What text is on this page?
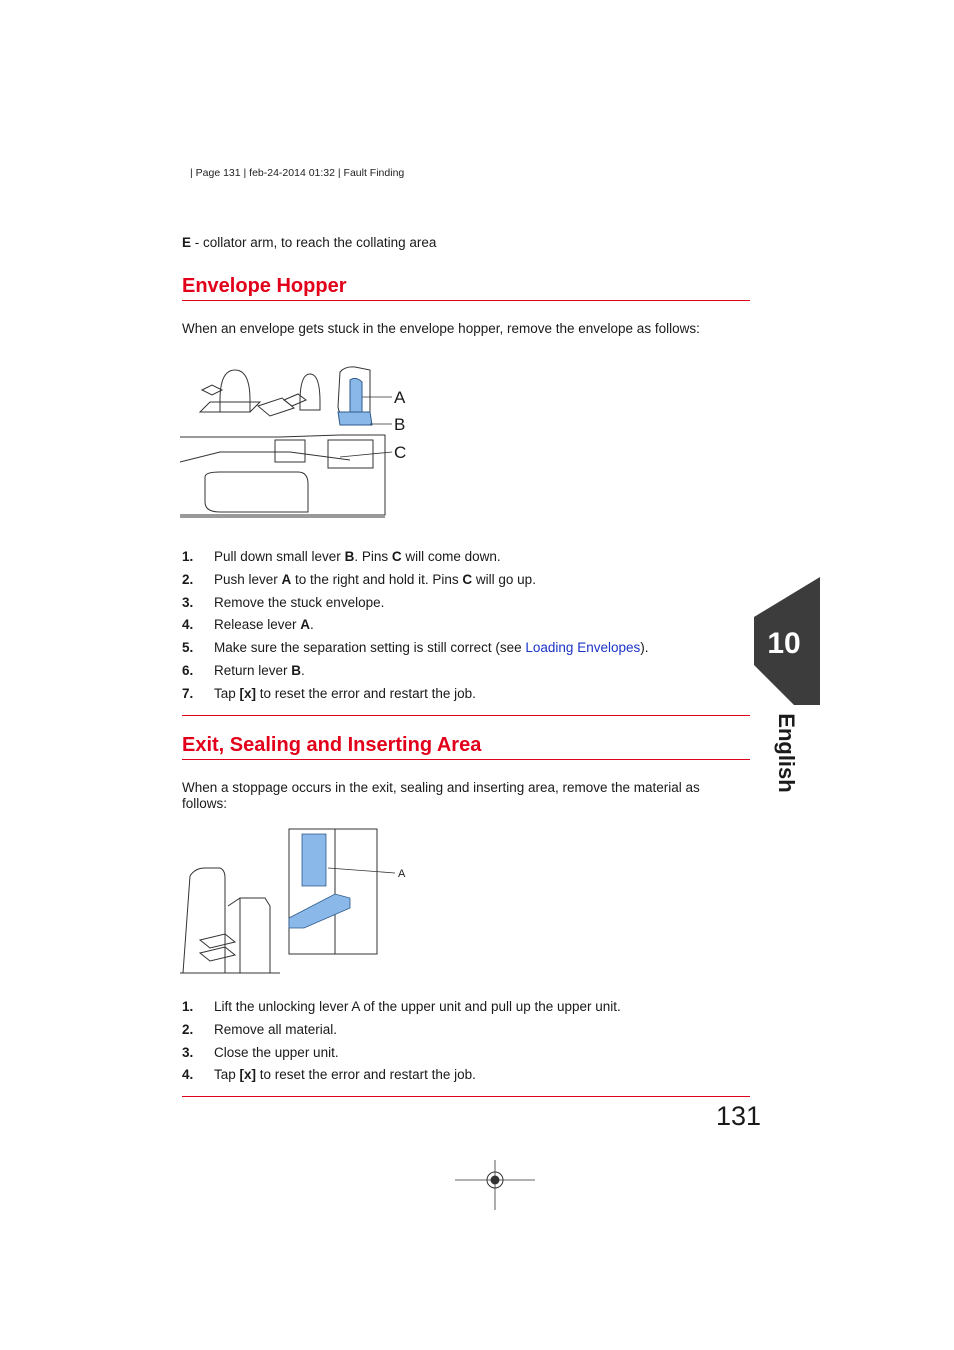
| Page 131 | feb-24-2014 01:32 | Fault Finding
E - collator arm, to reach the collating area
Envelope Hopper
When an envelope gets stuck in the envelope hopper, remove the envelope as follows:
A
B
C
1. Pull down small lever B. Pins C will come down.
2. Push lever A to the right and hold it. Pins C will go up.
3. Remove the stuck envelope.
4. Release lever A.
5. Make sure the separation setting is still correct (see Loading Envelopes).
6. Return lever B.
7. Tap [x] to reset the error and restart the job.
Exit, Sealing and Inserting Area
When a stoppage occurs in the exit, sealing and inserting area, remove the material as follows:
A
1. Lift the unlocking lever A of the upper unit and pull up the upper unit.
2. Remove all material.
3. Close the upper unit.
4. Tap [x] to reset the error and restart the job.
131
10
English
